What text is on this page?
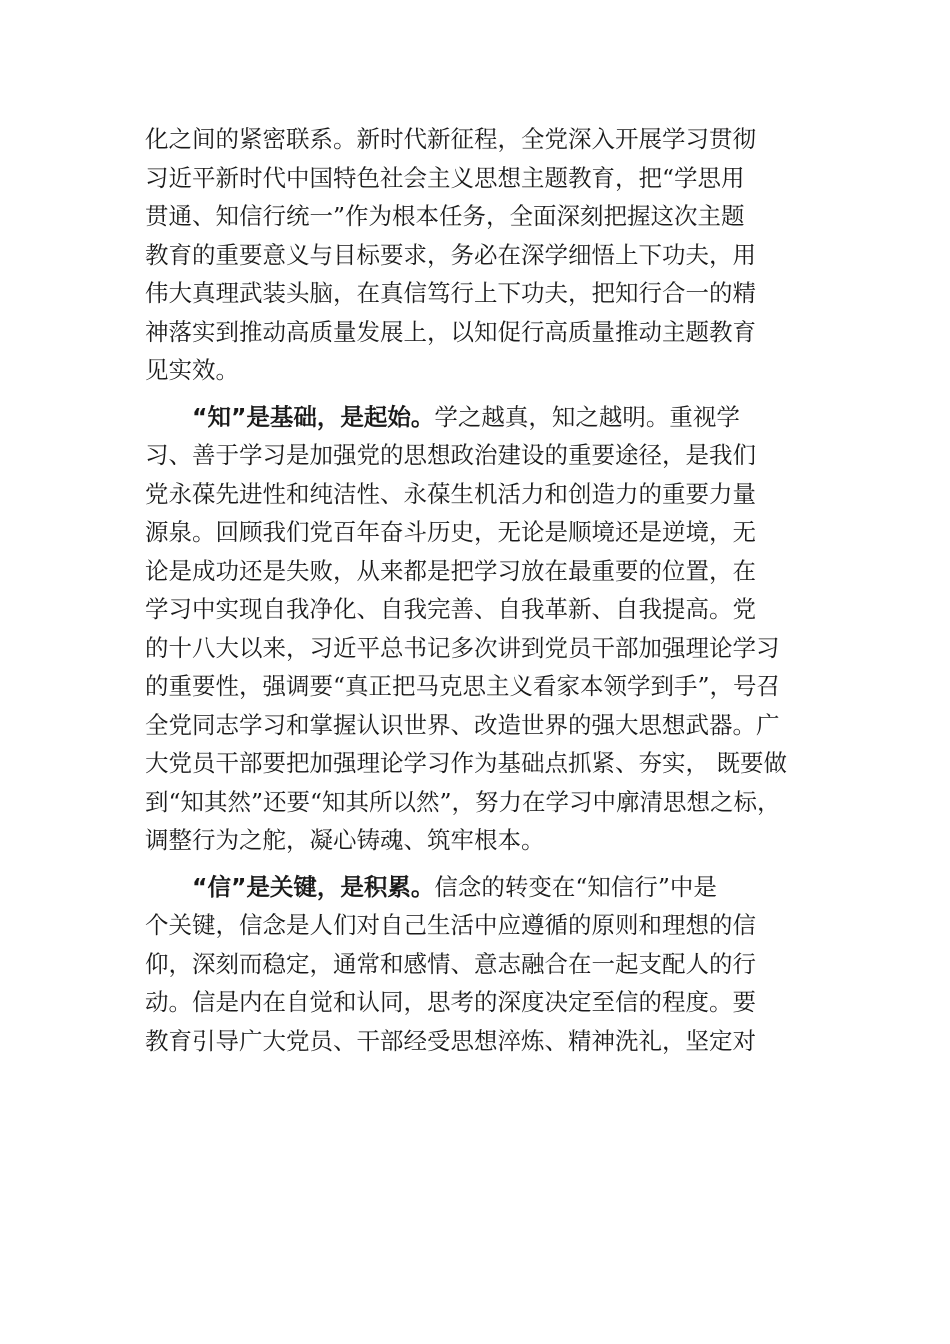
化之间的紧密联系。新时代新征程，全党深入开展学习贯彻
习近平新时代中国特色社会主义思想主题教育，把“学思用
贯通、知信行统一”作为根本任务，全面深刻把握这次主题
教育的重要意义与目标要求，务必在深学细悟上下功夫，用
伟大真理武装头脑，在真信笃行上下功夫，把知行合一的精
神落实到推动高质量发展上，以知促行高质量推动主题教育
见实效。
“知”是基础，是起始。学之越真，知之越明。重视学
习、善于学习是加强党的思想政治建设的重要途径，是我们
党永葆先进性和纯洁性、永葆生机活力和创造力的重要力量
源泉。回顾我们党百年奋斗历史，无论是顺境还是逆境，无
论是成功还是失败，从来都是把学习放在最重要的位置，在
学习中实现自我净化、自我完善、自我革新、自我提高。党
的十八大以来，习近平总书记多次讲到党员干部加强理论学习
的重要性，强调要“真正把马克思主义看家本领学到手”，号召
全党同志学习和掌握认识世界、改造世界的强大思想武器。广
大党员干部要把加强理论学习作为基础点抓紧、夯实， 既要做
到“知其然”还要“知其所以然”，努力在学习中廓清思想之标，
调整行为之舵，凝心铸魂、筑牢根本。
“信”是关键，是积累。信念的转变在“知信行”中是
个关键，信念是人们对自己生活中应遵循的原则和理想的信
仰，深刻而稳定，通常和感情、意志融合在一起支配人的行
动。信是内在自觉和认同，思考的深度决定至信的程度。要
教育引导广大党员、干部经受思想淬炼、精神洗礼，坚定对
